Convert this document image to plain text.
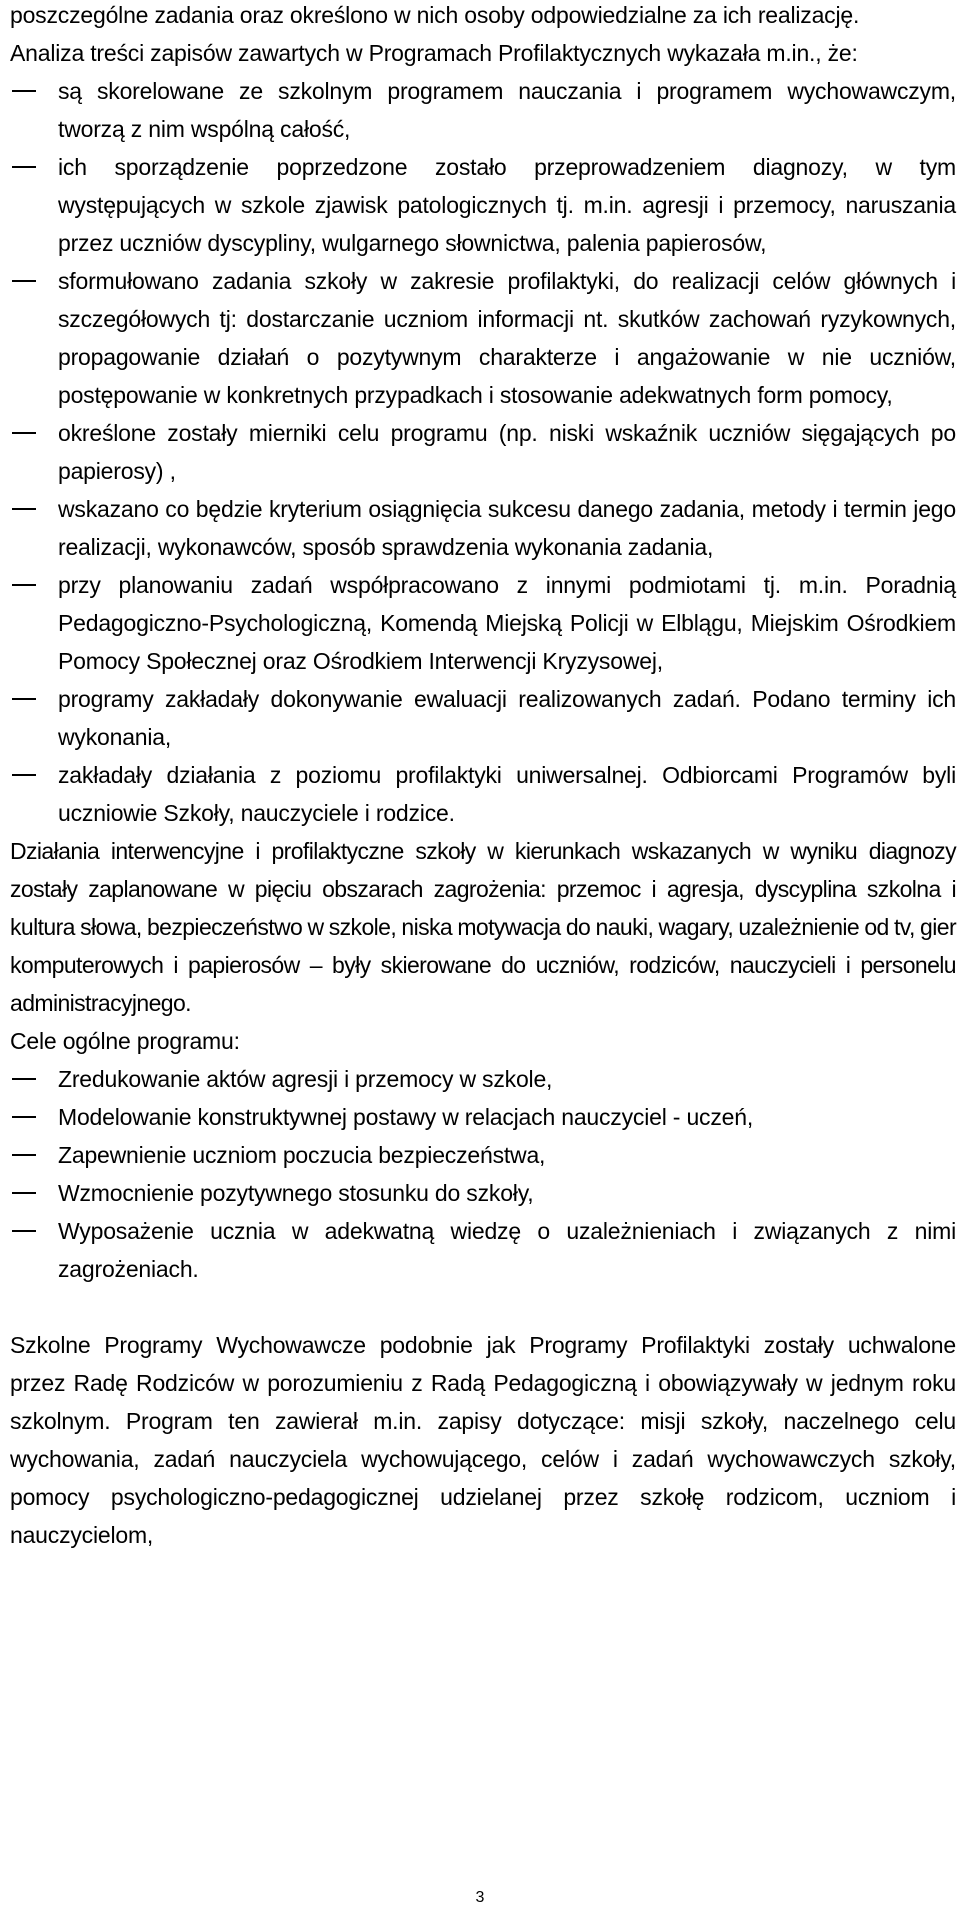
poszczególne zadania oraz określono w nich osoby odpowiedzialne za ich realizację.

Analiza treści zapisów zawartych w Programach Profilaktycznych wykazała m.in., że:

są skorelowane ze szkolnym programem nauczania i programem wychowawczym, tworzą z nim wspólną całość,
ich sporządzenie poprzedzone zostało przeprowadzeniem diagnozy, w tym występujących w szkole zjawisk patologicznych tj. m.in. agresji i przemocy, naruszania przez uczniów dyscypliny, wulgarnego słownictwa, palenia papierosów,
sformułowano zadania szkoły w zakresie profilaktyki, do realizacji celów głównych i szczegółowych tj: dostarczanie uczniom informacji nt. skutków zachowań ryzykownych, propagowanie działań o pozytywnym charakterze i angażowanie w nie uczniów, postępowanie w konkretnych przypadkach i stosowanie adekwatnych form pomocy,
określone zostały mierniki celu programu (np. niski wskaźnik uczniów sięgających po papierosy) ,
wskazano co będzie kryterium osiągnięcia sukcesu danego zadania, metody i termin jego realizacji, wykonawców, sposób sprawdzenia wykonania zadania,
przy planowaniu zadań współpracowano z innymi podmiotami tj. m.in. Poradnią Pedagogiczno-Psychologiczną, Komendą Miejską Policji w Elblągu, Miejskim Ośrodkiem Pomocy Społecznej oraz Ośrodkiem Interwencji Kryzysowej,
programy zakładały dokonywanie ewaluacji realizowanych zadań. Podano terminy ich wykonania,
zakładały działania z poziomu profilaktyki uniwersalnej. Odbiorcami Programów byli uczniowie Szkoły, nauczyciele i rodzice.

Działania interwencyjne i profilaktyczne szkoły w kierunkach wskazanych w wyniku diagnozy zostały zaplanowane w pięciu obszarach zagrożenia: przemoc i agresja, dyscyplina szkolna i kultura słowa, bezpieczeństwo w szkole, niska motywacja do nauki, wagary, uzależnienie od tv, gier komputerowych i papierosów – były skierowane do uczniów, rodziców, nauczycieli i personelu administracyjnego.

Cele ogólne programu:

Zredukowanie aktów agresji i przemocy w szkole,
Modelowanie konstruktywnej postawy w relacjach nauczyciel - uczeń,
Zapewnienie uczniom poczucia bezpieczeństwa,
Wzmocnienie pozytywnego stosunku do szkoły,
Wyposażenie ucznia w adekwatną wiedzę o uzależnieniach i związanych z nimi zagrożeniach.

Szkolne Programy Wychowawcze podobnie jak Programy Profilaktyki zostały uchwalone przez Radę Rodziców w porozumieniu z Radą Pedagogiczną i obowiązywały w jednym roku szkolnym. Program ten zawierał m.in. zapisy dotyczące: misji szkoły, naczelnego celu wychowania, zadań nauczyciela wychowującego, celów i zadań wychowawczych szkoły, pomocy psychologiczno-pedagogicznej udzielanej przez szkołę rodzicom, uczniom i nauczycielom,

3
